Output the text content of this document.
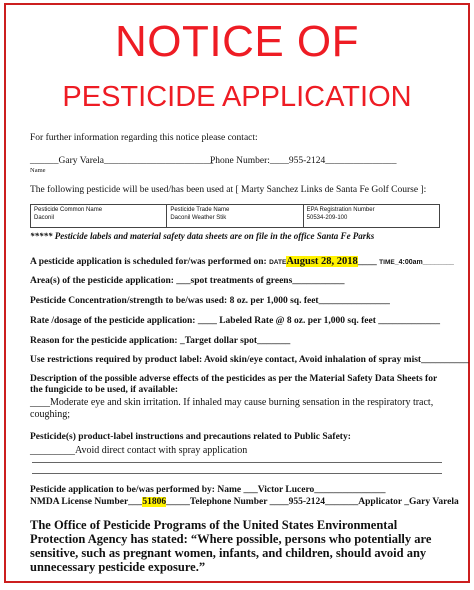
NOTICE OF
PESTICIDE APPLICATION
For further information regarding this notice please contact:
______Gary Varela_______________________
Phone Number:____955-2124_______________
Name
The following pesticide will be used/has been used at [ Marty Sanchez Links de Santa Fe Golf Course ]:
Pesticide Common Name
Daconil
Pesticide Trade Name
Daconil Weather Stik
EPA Registration Number
50534-209-100
***** Pesticide labels and material safety data sheets are on file in the office Santa Fe Parks
A pesticide application is scheduled for/was performed on: DATEAugust 28, 2018____ TIME_4:00am________
Area(s) of the pesticide application: ___spot treatments of greens___________
Pesticide Concentration/strength to be/was used: 8 oz. per 1,000 sq. feet_______________
Rate /dosage of the pesticide application: ____ Labeled Rate @ 8 oz. per 1,000 sq. feet _____________
Reason for the pesticide application: _Target dollar spot_______
Use restrictions required by product label: Avoid skin/eye contact, Avoid inhalation of spray mist__________
Description of the possible adverse effects of the pesticides as per the Material Safety Data Sheets for the fungicide to be used, if available:
____Moderate eye and skin irritation. If inhaled may cause burning sensation in the respiratory tract, coughing;
Pesticide(s) product-label instructions and precautions related to Public Safety:
_________Avoid direct contact with spray application
Pesticide application to be/was performed by: Name ___Victor Lucero_______________
NMDA License Number___51806_____Telephone Number ____955-2124_______Applicator _Gary Varela
The Office of Pesticide Programs of the United States Environmental Protection Agency has stated: “Where possible, persons who potentially are sensitive, such as pregnant women, infants, and children, should avoid any unnecessary pesticide exposure.”
